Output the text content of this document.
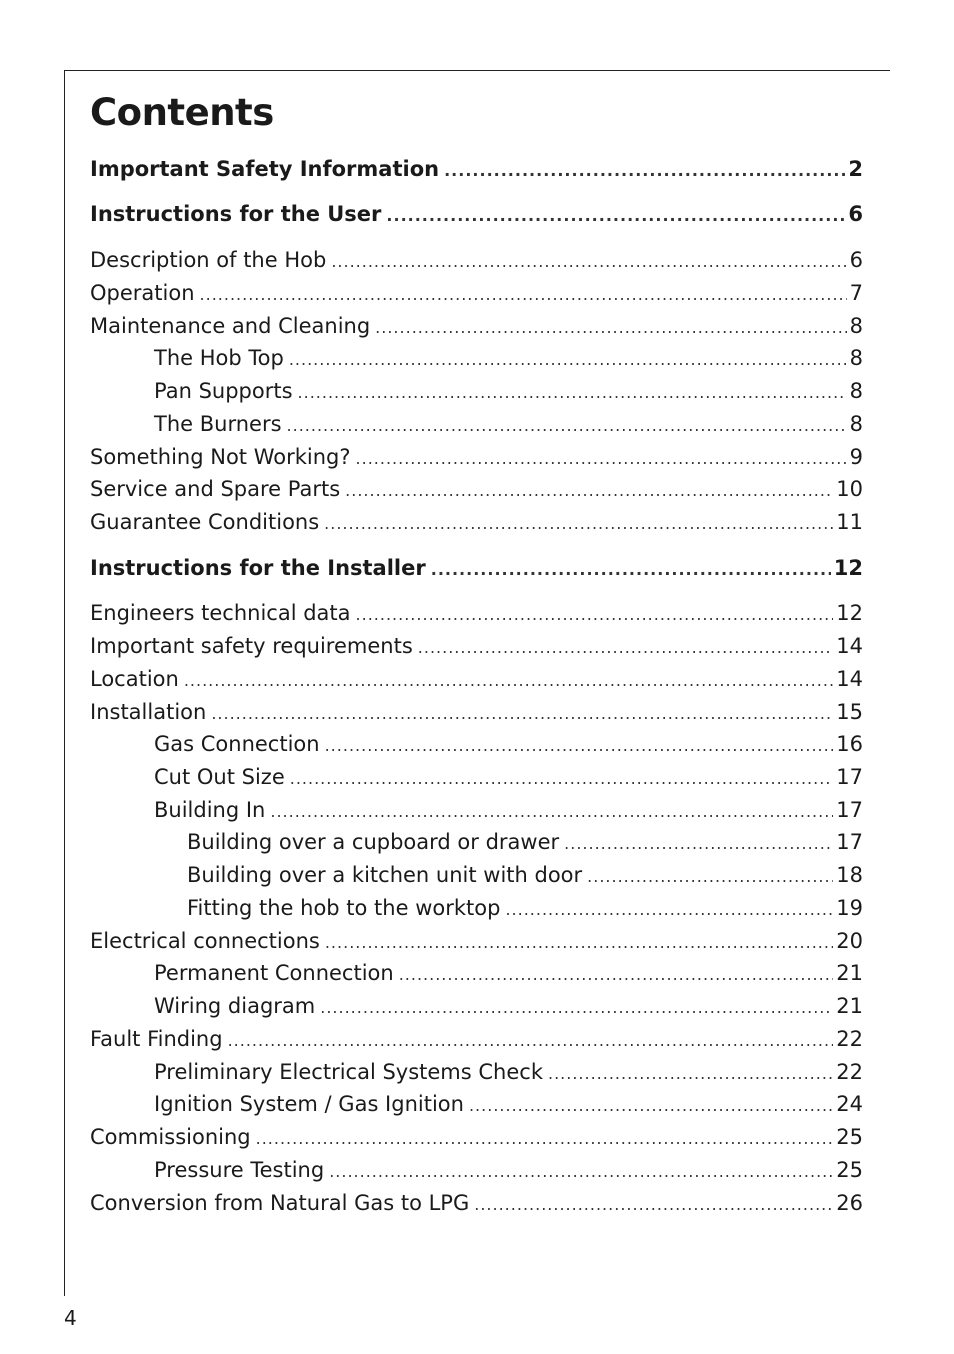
Contents
Important Safety Information .....	2
Instructions for the User .....	6
Description of the Hob .....	6
Operation .....	7
Maintenance and Cleaning .....	8
The Hob Top .....	8
Pan Supports .....	8
The Burners .....	8
Something Not Working? .....	9
Service and Spare Parts .....	10
Guarantee Conditions .....	11
Instructions for the Installer .....	12
Engineers technical data .....	12
Important safety requirements .....	14
Location .....	14
Installation .....	15
Gas Connection .....	16
Cut Out Size .....	17
Building In .....	17
Building over a cupboard or drawer .....	17
Building over a kitchen unit with door .....	18
Fitting the hob to the worktop .....	19
Electrical connections .....	20
Permanent Connection .....	21
Wiring diagram .....	21
Fault Finding .....	22
Preliminary Electrical Systems Check .....	22
Ignition System / Gas Ignition .....	24
Commissioning .....	25
Pressure Testing .....	25
Conversion from Natural Gas to LPG .....	26
4
